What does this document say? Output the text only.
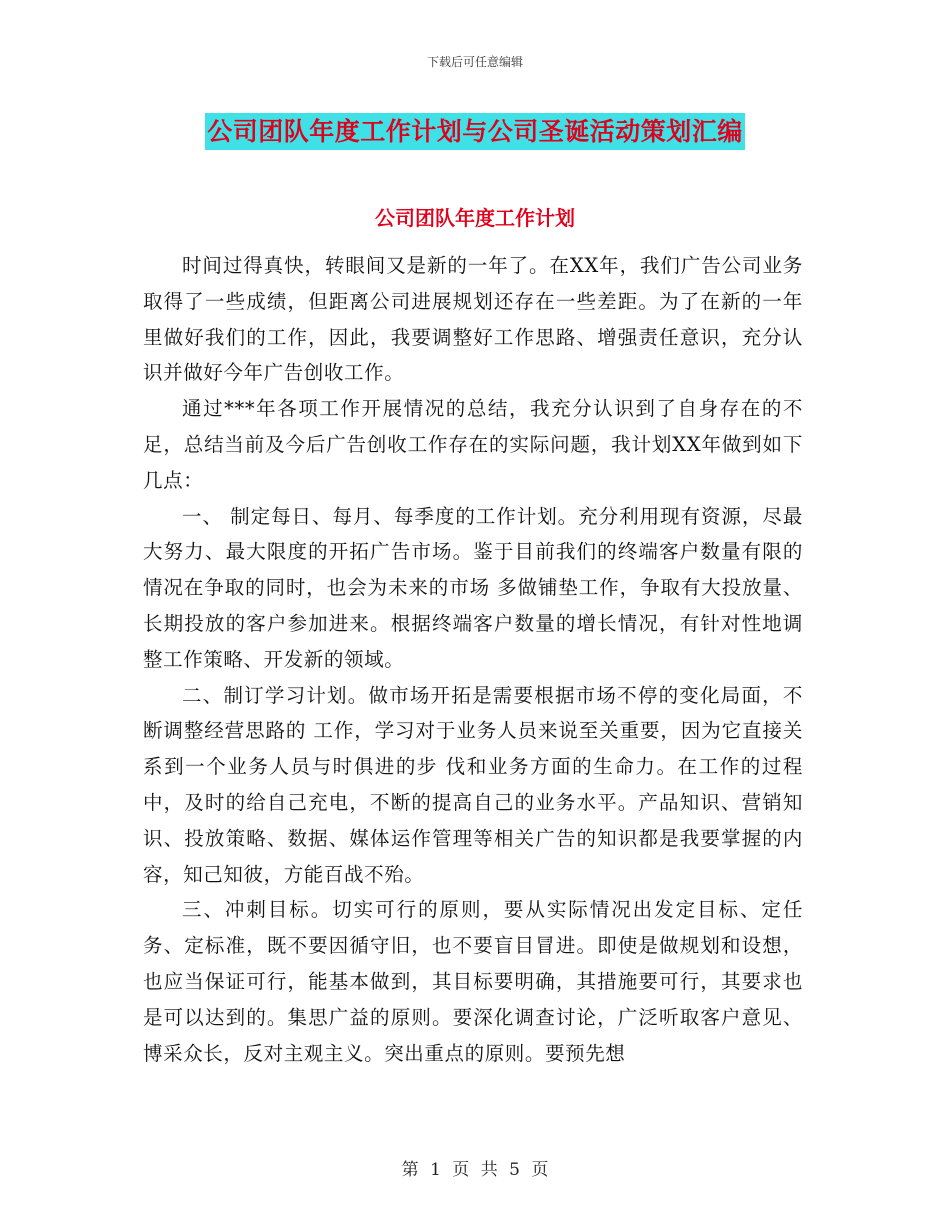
下载后可任意编辑
公司团队年度工作计划与公司圣诞活动策划汇编
公司团队年度工作计划

时间过得真快，转眼间又是新的一年了。在XX年，我们广告公司业务取得了一些成绩，但距离公司进展规划还存在一些差距。为了在新的一年里做好我们的工作，因此，我要调整好工作思路、增强责任意识，充分认识并做好今年广告创收工作。

通过***年各项工作开展情况的总结，我充分认识到了自身存在的不足，总结当前及今后广告创收工作存在的实际问题，我计划XX年做到如下几点：

一、 制定每日、每月、每季度的工作计划。充分利用现有资源，尽最大努力、最大限度的开拓广告市场。鉴于目前我们的终端客户数量有限的情况在争取的同时，也会为未来的市场 多做铺垫工作，争取有大投放量、长期投放的客户参加进来。根据终端客户数量的增长情况，有针对性地调整工作策略、开发新的领域。

二、制订学习计划。做市场开拓是需要根据市场不停的变化局面，不断调整经营思路的 工作，学习对于业务人员来说至关重要，因为它直接关系到一个业务人员与时俱进的步 伐和业务方面的生命力。在工作的过程中，及时的给自己充电，不断的提高自己的业务水平。产品知识、营销知识、投放策略、数据、媒体运作管理等相关广告的知识都是我要掌握的内容，知己知彼，方能百战不殆。

三、冲刺目标。切实可行的原则，要从实际情况出发定目标、定任务、定标准，既不要因循守旧，也不要盲目冒进。即使是做规划和设想，也应当保证可行，能基本做到，其目标要明确，其措施要可行，其要求也是可以达到的。集思广益的原则。要深化调查讨论，广泛听取客户意见、博采众长，反对主观主义。突出重点的原则。要预先想

第 1 页 共 5 页
